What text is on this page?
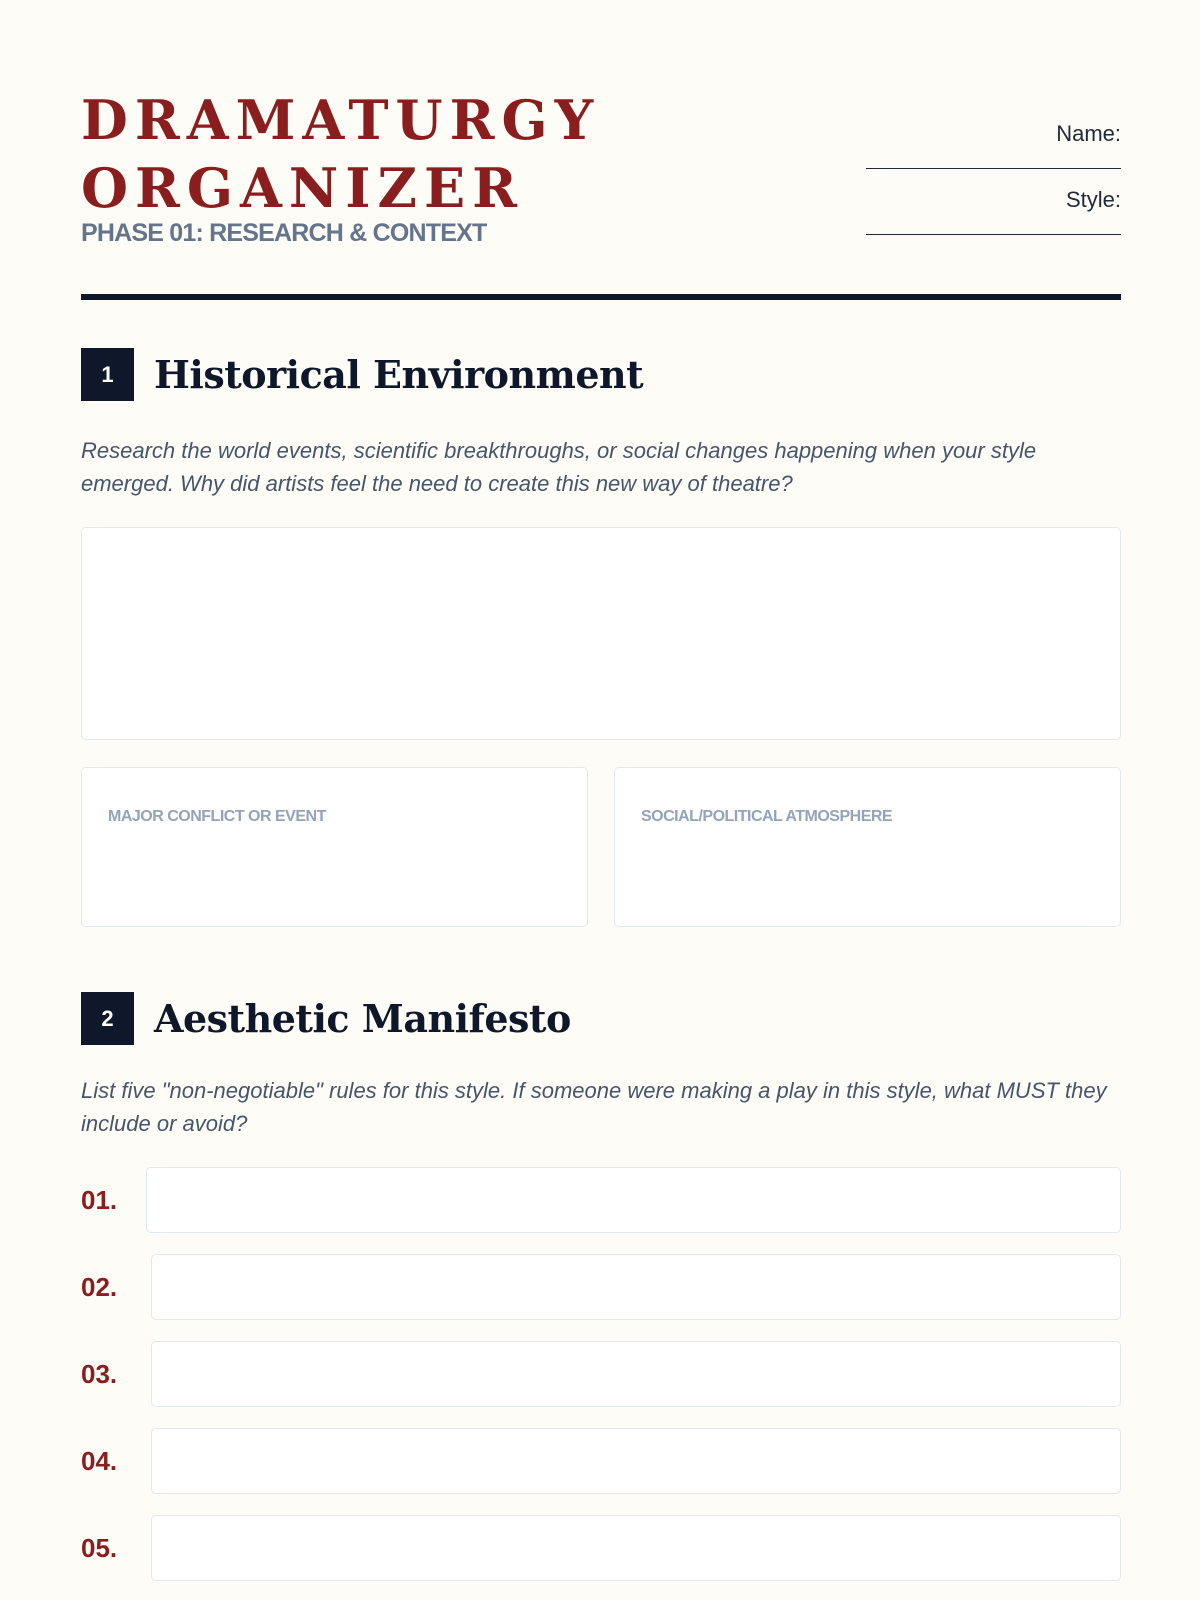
DRAMATURGY
ORGANIZER
PHASE 01: RESEARCH & CONTEXT
Name:
Style:
1	Historical Environment

Research the world events, scientific breakthroughs, or social changes happening when your style emerged. Why did artists feel the need to create this new way of theatre?

MAJOR CONFLICT OR EVENT	SOCIAL/POLITICAL ATMOSPHERE
2	Aesthetic Manifesto

List five "non-negotiable" rules for this style. If someone were making a play in this style, what MUST they include or avoid?

01.
02.
03.
04.
05.
